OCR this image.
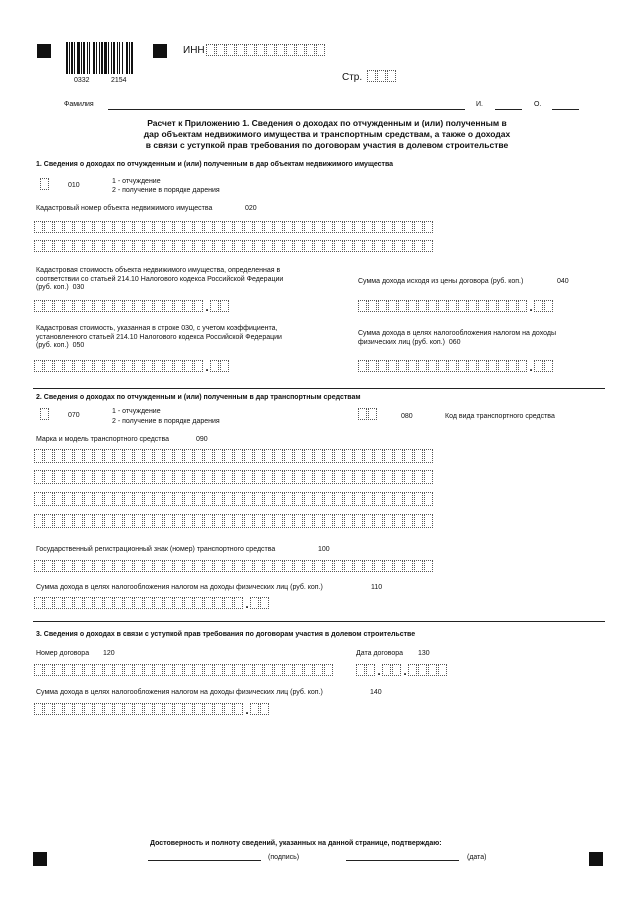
0332	2154
ИНН
Стр.
Фамилия	И.	О.
Расчет к Приложению 1. Сведения о доходах по отчужденным и (или) полученным в
дар объектам недвижимого имущества и транспортным средствам, а также о доходах
в связи с уступкой прав требования по договорам участия в долевом строительстве
1. Сведения о доходах по отчужденным и (или) полученным в дар объектам недвижимого имущества
010
1 - отчуждение
2 - получение в порядке дарения
Кадастровый номер объекта недвижимого имущества	020
Кадастровая стоимость объекта недвижимого имущества, определенная в
соответствии со статьей 214.10 Налогового кодекса Российской Федерации
(руб. коп.) 030
Сумма дохода исходя из цены договора (руб. коп.)	040
.	.
Кадастровая стоимость, указанная в строке 030, с учетом коэффициента,
установленного статьей 214.10 Налогового кодекса Российской Федерации
(руб. коп.) 050
Сумма дохода в целях налогообложения налогом на доходы
физических лиц (руб. коп.) 060
.	.
2. Сведения о доходах по отчужденным и (или) полученным в дар транспортным средствам
070
1 - отчуждение
2 - получение в порядке дарения
080	Код вида транспортного средства
Марка и модель транспортного средства	090
Государственный регистрационный знак (номер) транспортного средства	100
Сумма дохода в целях налогообложения налогом на доходы физических лиц (руб. коп.)	110
.
3. Сведения о доходах в связи с уступкой прав требования по договорам участия в долевом строительстве
Номер договора 120	Дата договора 130
. .
Сумма дохода в целях налогообложения налогом на доходы физических лиц (руб. коп.)	140
.
Достоверность и полноту сведений, указанных на данной странице, подтверждаю:
(подпись)	(дата)
